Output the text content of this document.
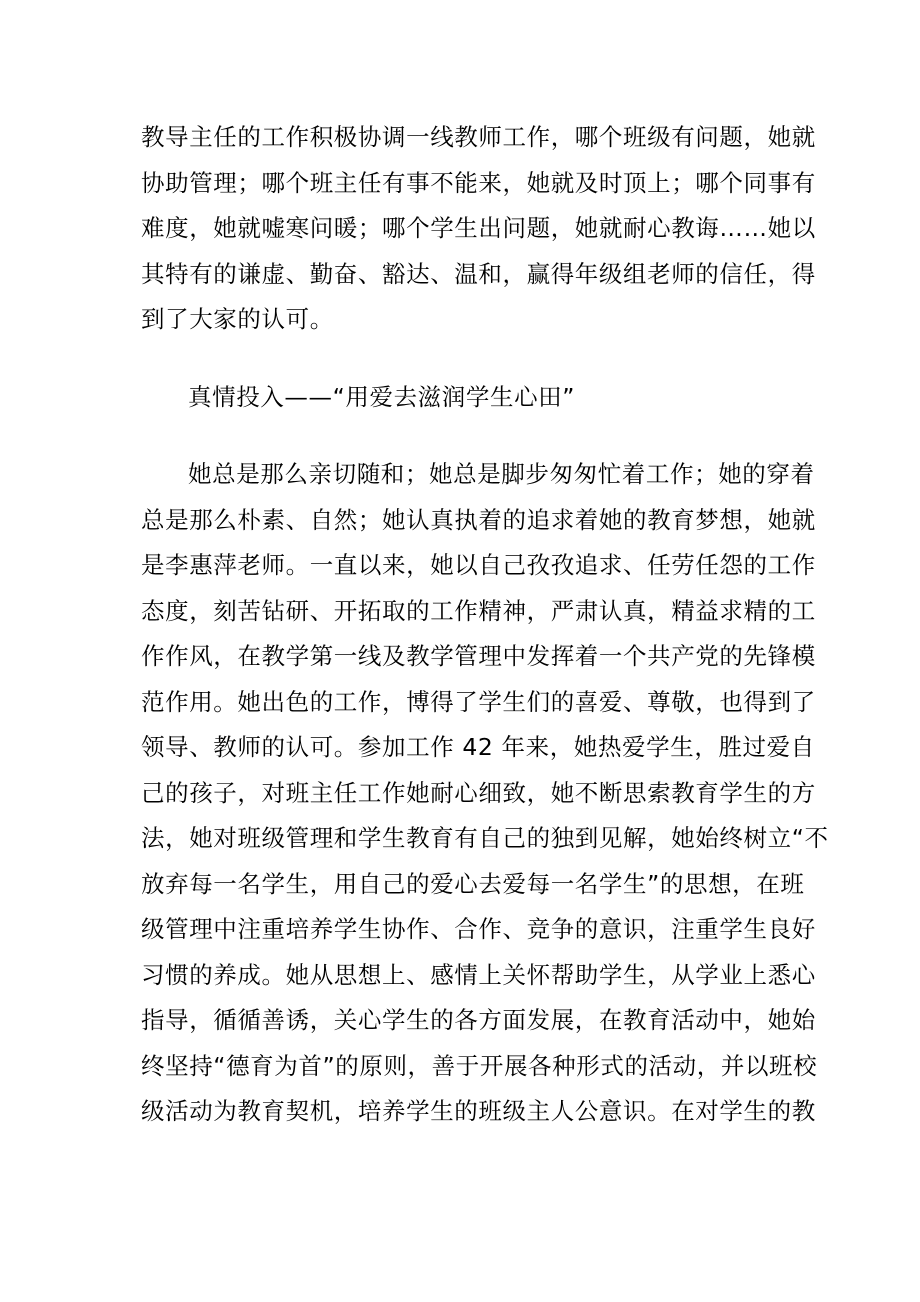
教导主任的工作积极协调一线教师工作，哪个班级有问题，她就
协助管理；哪个班主任有事不能来，她就及时顶上；哪个同事有
难度，她就嘘寒问暖；哪个学生出问题，她就耐心教诲……她以
其特有的谦虚、勤奋、豁达、温和，赢得年级组老师的信任，得
到了大家的认可。
真情投入——“用爱去滋润学生心田”
她总是那么亲切随和；她总是脚步匆匆忙着工作；她的穿着
总是那么朴素、自然；她认真执着的追求着她的教育梦想，她就
是李惠萍老师。一直以来，她以自己孜孜追求、任劳任怨的工作
态度，刻苦钻研、开拓取的工作精神，严肃认真，精益求精的工
作作风，在教学第一线及教学管理中发挥着一个共产党的先锋模
范作用。她出色的工作，博得了学生们的喜爱、尊敬，也得到了
领导、教师的认可。参加工作 42 年来，她热爱学生，胜过爱自
己的孩子，对班主任工作她耐心细致，她不断思索教育学生的方
法，她对班级管理和学生教育有自己的独到见解，她始终树立“不
放弃每一名学生，用自己的爱心去爱每一名学生”的思想，在班
级管理中注重培养学生协作、合作、竞争的意识，注重学生良好
习惯的养成。她从思想上、感情上关怀帮助学生，从学业上悉心
指导，循循善诱，关心学生的各方面发展，在教育活动中，她始
终坚持“德育为首”的原则，善于开展各种形式的活动，并以班校
级活动为教育契机，培养学生的班级主人公意识。在对学生的教
